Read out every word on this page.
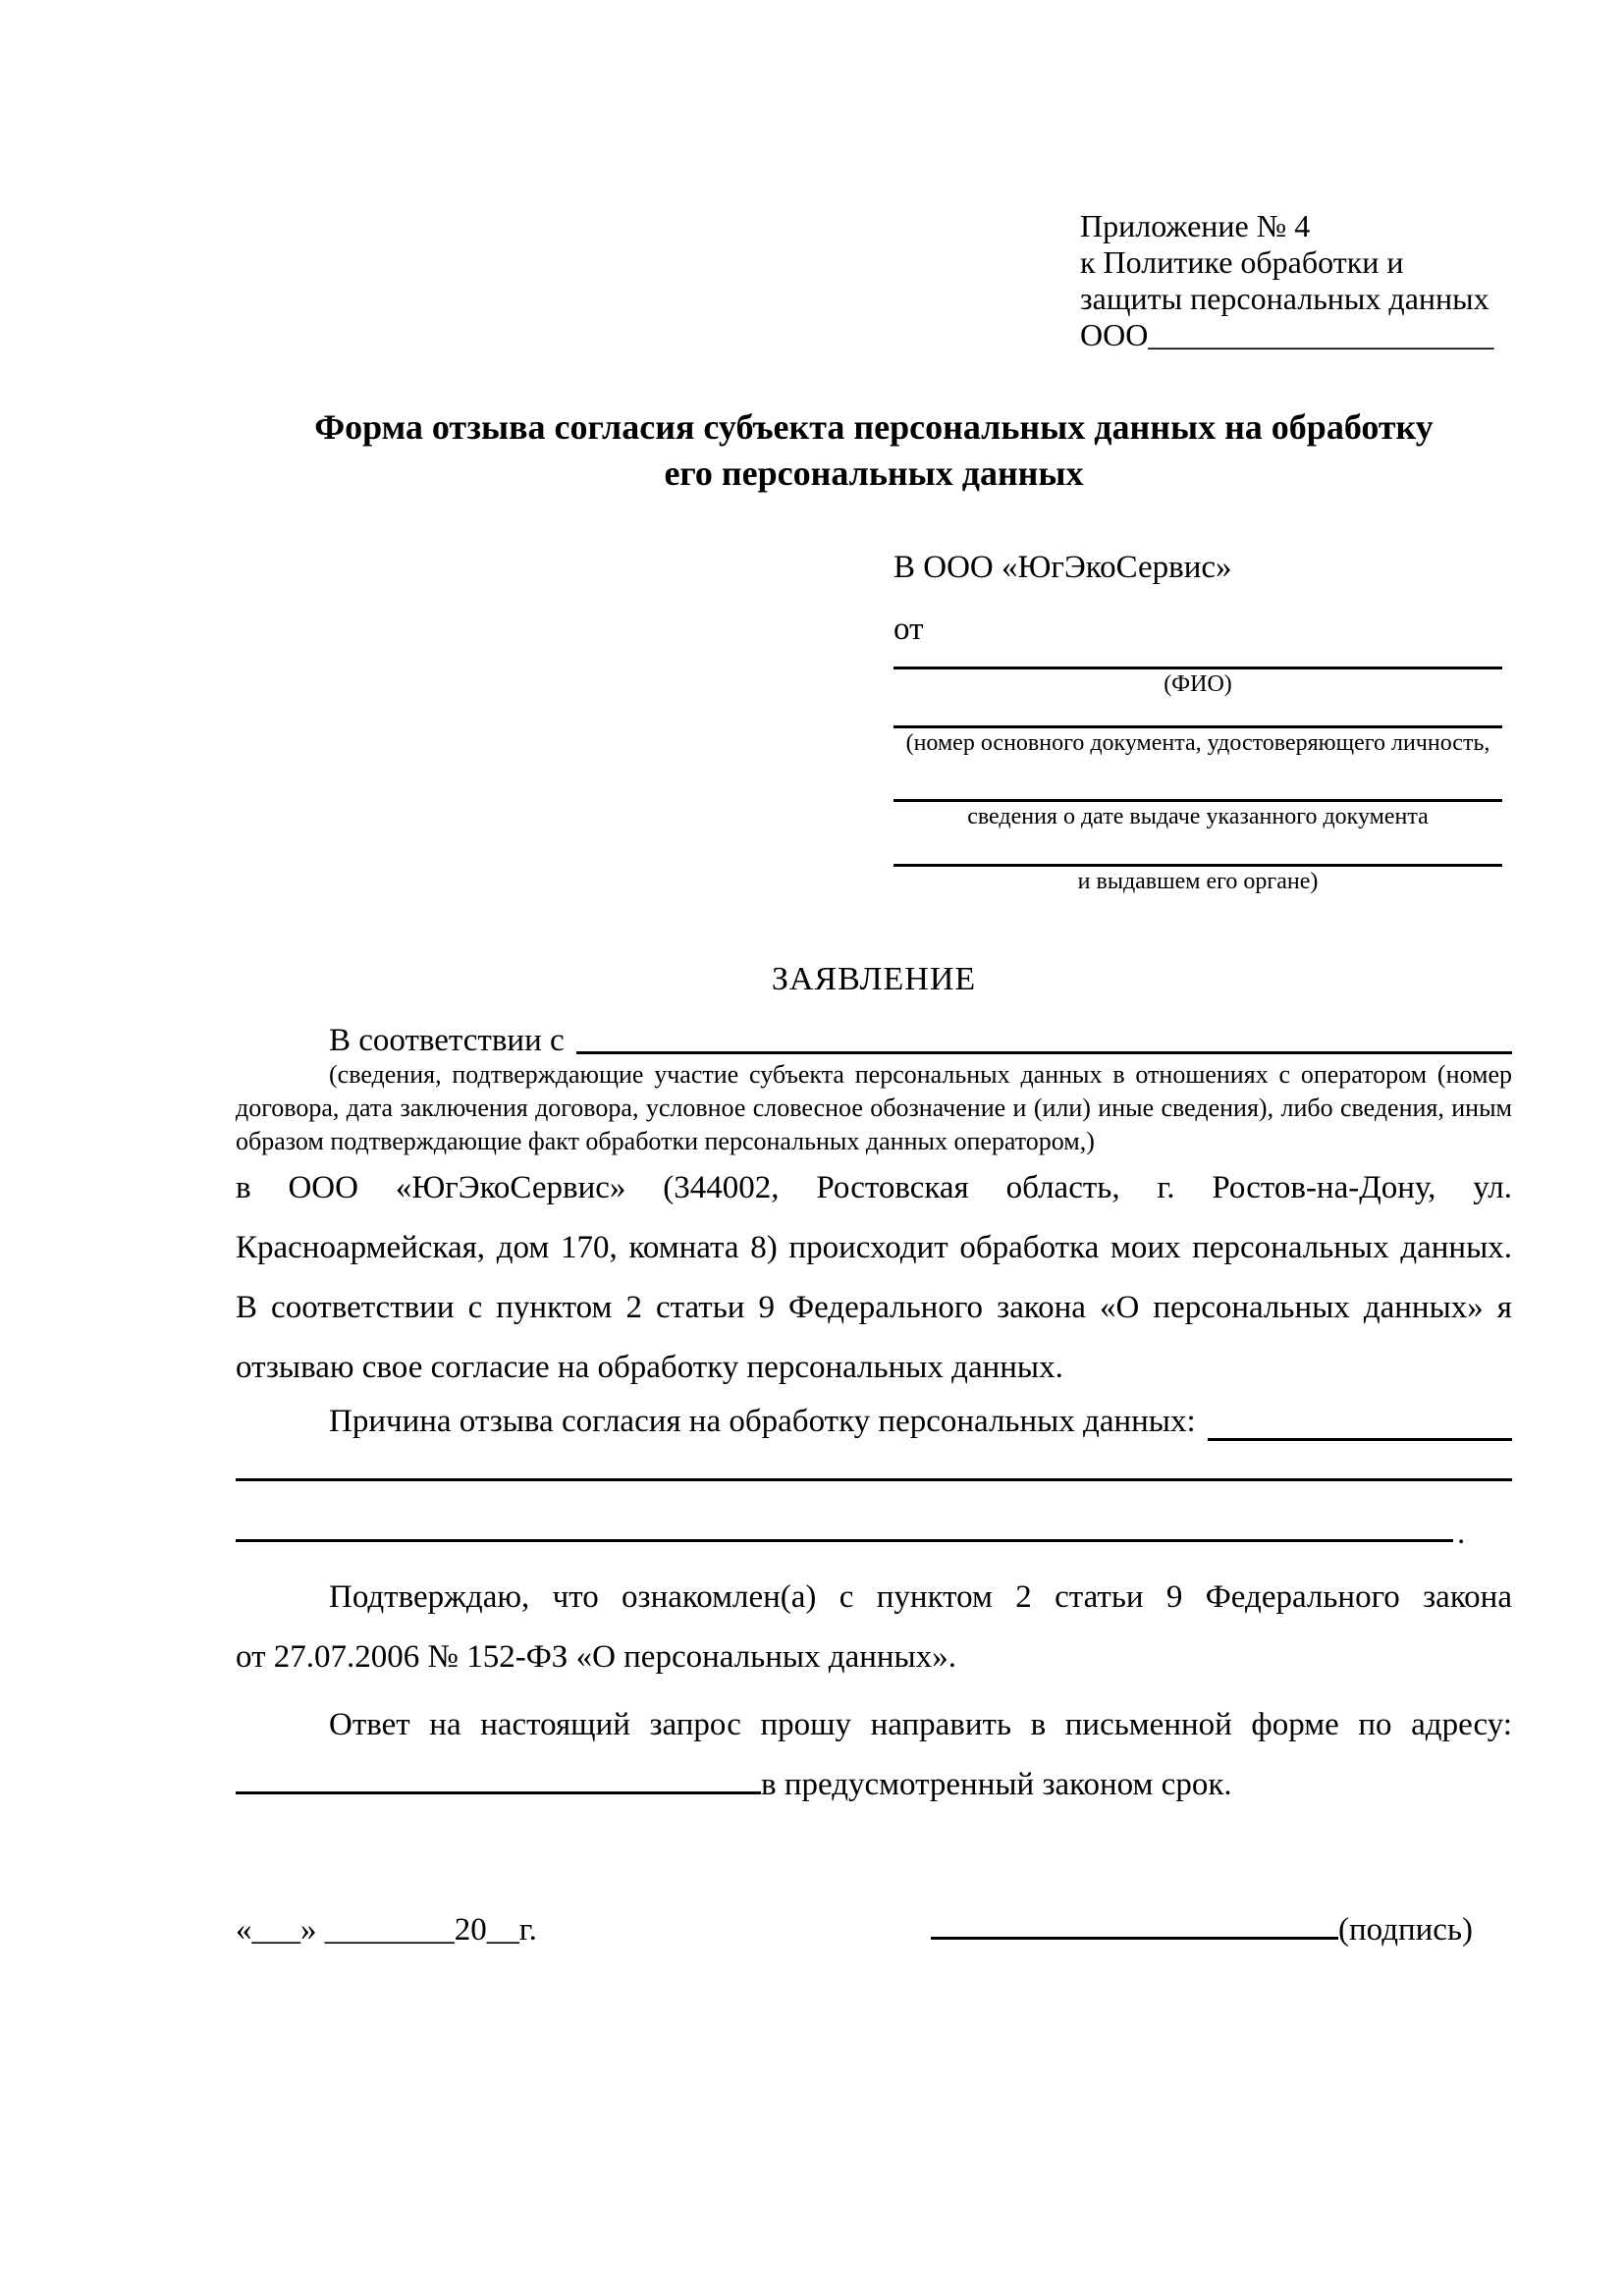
Приложение № 4
к Политике обработки и
защиты персональных данных
ООО______________________
Форма отзыва согласия субъекта персональных данных на обработку
его персональных данных
В ООО «ЮгЭкоСервис»
от
(ФИО)
(номер основного документа, удостоверяющего личность,
сведения о дате выдаче указанного документа
и выдавшем его органе)
ЗАЯВЛЕНИЕ
В соответствии с
(сведения, подтверждающие участие субъекта персональных данных в отношениях с оператором (номер договора, дата заключения договора, условное словесное обозначение и (или) иные сведения), либо сведения, иным образом подтверждающие факт обработки персональных данных оператором,)
в ООО «ЮгЭкоСервис» (344002, Ростовская область, г. Ростов-на-Дону, ул.
Красноармейская, дом 170, комната 8) происходит обработка моих персональных данных.
В соответствии с пунктом 2 статьи 9 Федерального закона «О персональных данных» я
отзываю свое согласие на обработку персональных данных.
Причина отзыва согласия на обработку персональных данных:
.
Подтверждаю, что ознакомлен(а) с пунктом 2 статьи 9 Федерального закона
от 27.07.2006 № 152-ФЗ «О персональных данных».
Ответ на настоящий запрос прошу направить в письменной форме по адресу:
в предусмотренный законом срок.
«___» ________20__г.	(подпись)
